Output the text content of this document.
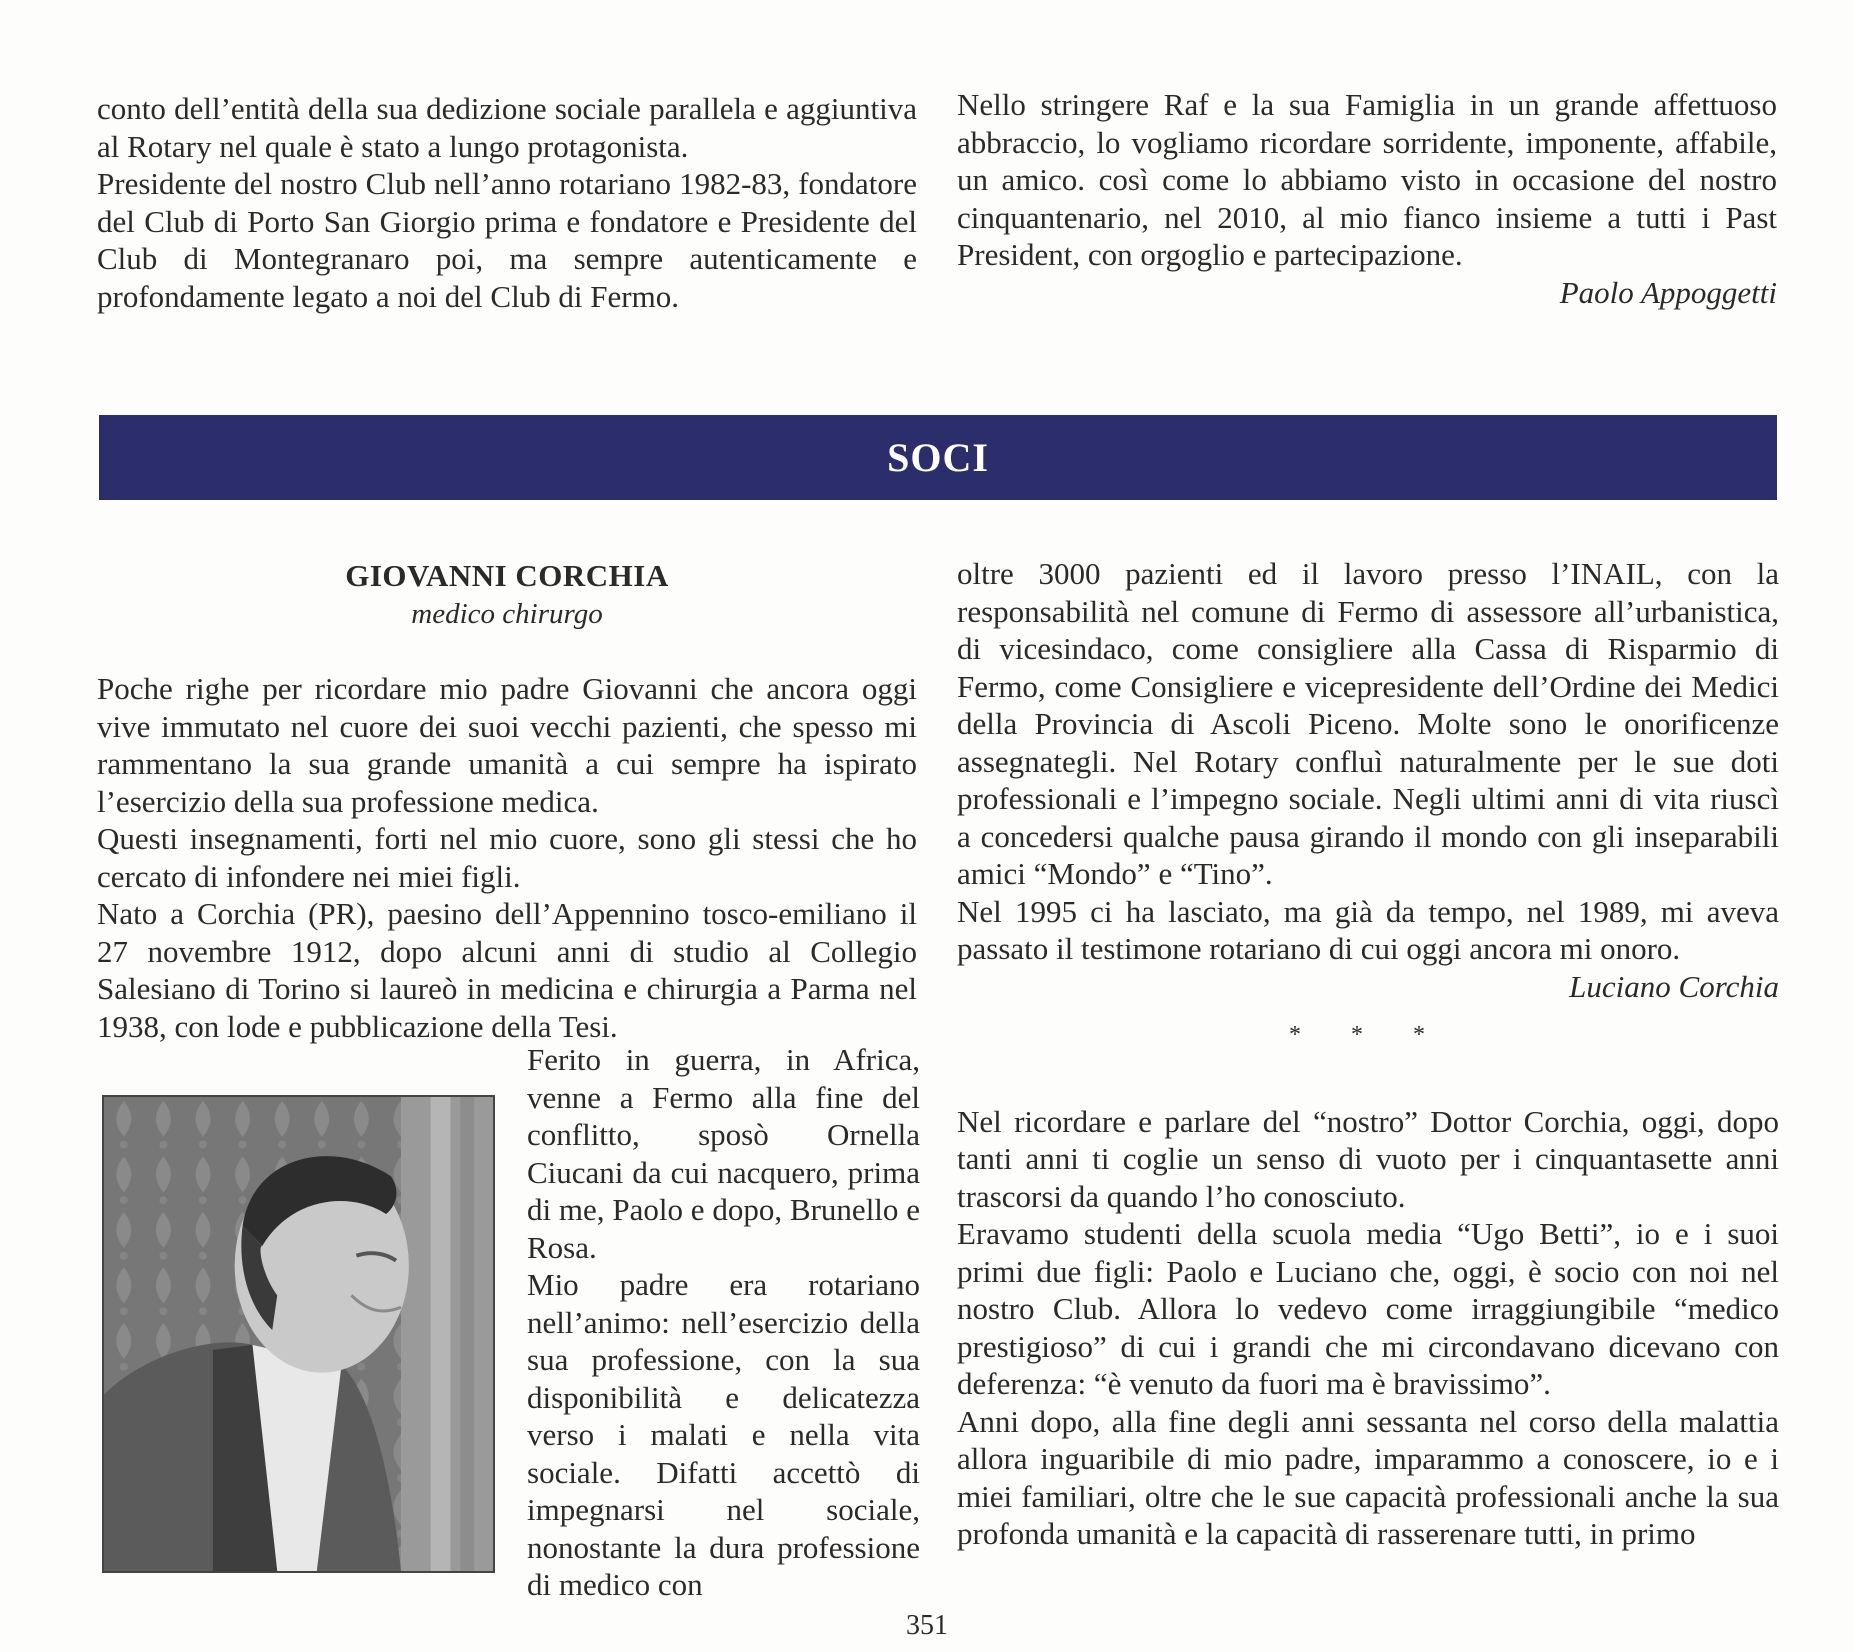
conto dell’entità della sua dedizione sociale parallela e aggiuntiva al Rotary nel quale è stato a lungo protagonista.

Presidente del nostro Club nell’anno rotariano 1982-83, fondatore del Club di Porto San Giorgio prima e fondatore e Presidente del Club di Montegranaro poi, ma sempre autenticamente e profondamente legato a noi del Club di Fermo.

Nello stringere Raf e la sua Famiglia in un grande affettuoso abbraccio, lo vogliamo ricordare sorridente, imponente, affabile, un amico. così come lo abbiamo visto in occasione del nostro cinquantenario, nel 2010, al mio fianco insieme a tutti i Past President, con orgoglio e partecipazione.

Paolo Appoggetti

SOCI
GIOVANNI CORCHIA
medico chirurgo

Poche righe per ricordare mio padre Giovanni che ancora oggi vive immutato nel cuore dei suoi vecchi pazienti, che spesso mi rammentano la sua grande umanità a cui sempre ha ispirato l’esercizio della sua professione medica.

Questi insegnamenti, forti nel mio cuore, sono gli stessi che ho cercato di infondere nei miei figli.

Nato a Corchia (PR), paesino dell’Appennino tosco-emiliano il 27 novembre 1912, dopo alcuni anni di studio al Collegio Salesiano di Torino si laureò in medicina e chirurgia a Parma nel 1938, con lode e pubblicazione della Tesi.

Ferito in guerra, in Africa, venne a Fermo alla fine del conflitto, sposò Ornella Ciucani da cui nacquero, prima di me, Paolo e dopo, Brunello e Rosa.

Mio padre era rotariano nell’animo: nell’esercizio della sua professione, con la sua disponibilità e delicatezza verso i malati e nella vita sociale. Difatti accettò di impegnarsi nel sociale, nonostante la dura professione di medico con

oltre 3000 pazienti ed il lavoro presso l’INAIL, con la responsabilità nel comune di Fermo di assessore all’urbanistica, di vicesindaco, come consigliere alla Cassa di Risparmio di Fermo, come Consigliere e vicepresidente dell’Ordine dei Medici della Provincia di Ascoli Piceno. Molte sono le onorificenze assegnategli. Nel Rotary confluì naturalmente per le sue doti professionali e l’impegno sociale. Negli ultimi anni di vita riuscì a concedersi qualche pausa girando il mondo con gli inseparabili amici “Mondo” e “Tino”.

Nel 1995 ci ha lasciato, ma già da tempo, nel 1989, mi aveva passato il testimone rotariano di cui oggi ancora mi onoro.

Luciano Corchia

* * *

Nel ricordare e parlare del “nostro” Dottor Corchia, oggi, dopo tanti anni ti coglie un senso di vuoto per i cinquantasette anni trascorsi da quando l’ho conosciuto.

Eravamo studenti della scuola media “Ugo Betti”, io e i suoi primi due figli: Paolo e Luciano che, oggi, è socio con noi nel nostro Club. Allora lo vedevo come irraggiungibile “medico prestigioso” di cui i grandi che mi circondavano dicevano con deferenza: “è venuto da fuori ma è bravissimo”.

Anni dopo, alla fine degli anni sessanta nel corso della malattia allora inguaribile di mio padre, imparammo a conoscere, io e i miei familiari, oltre che le sue capacità professionali anche la sua profonda umanità e la capacità di rasserenare tutti, in primo

351
